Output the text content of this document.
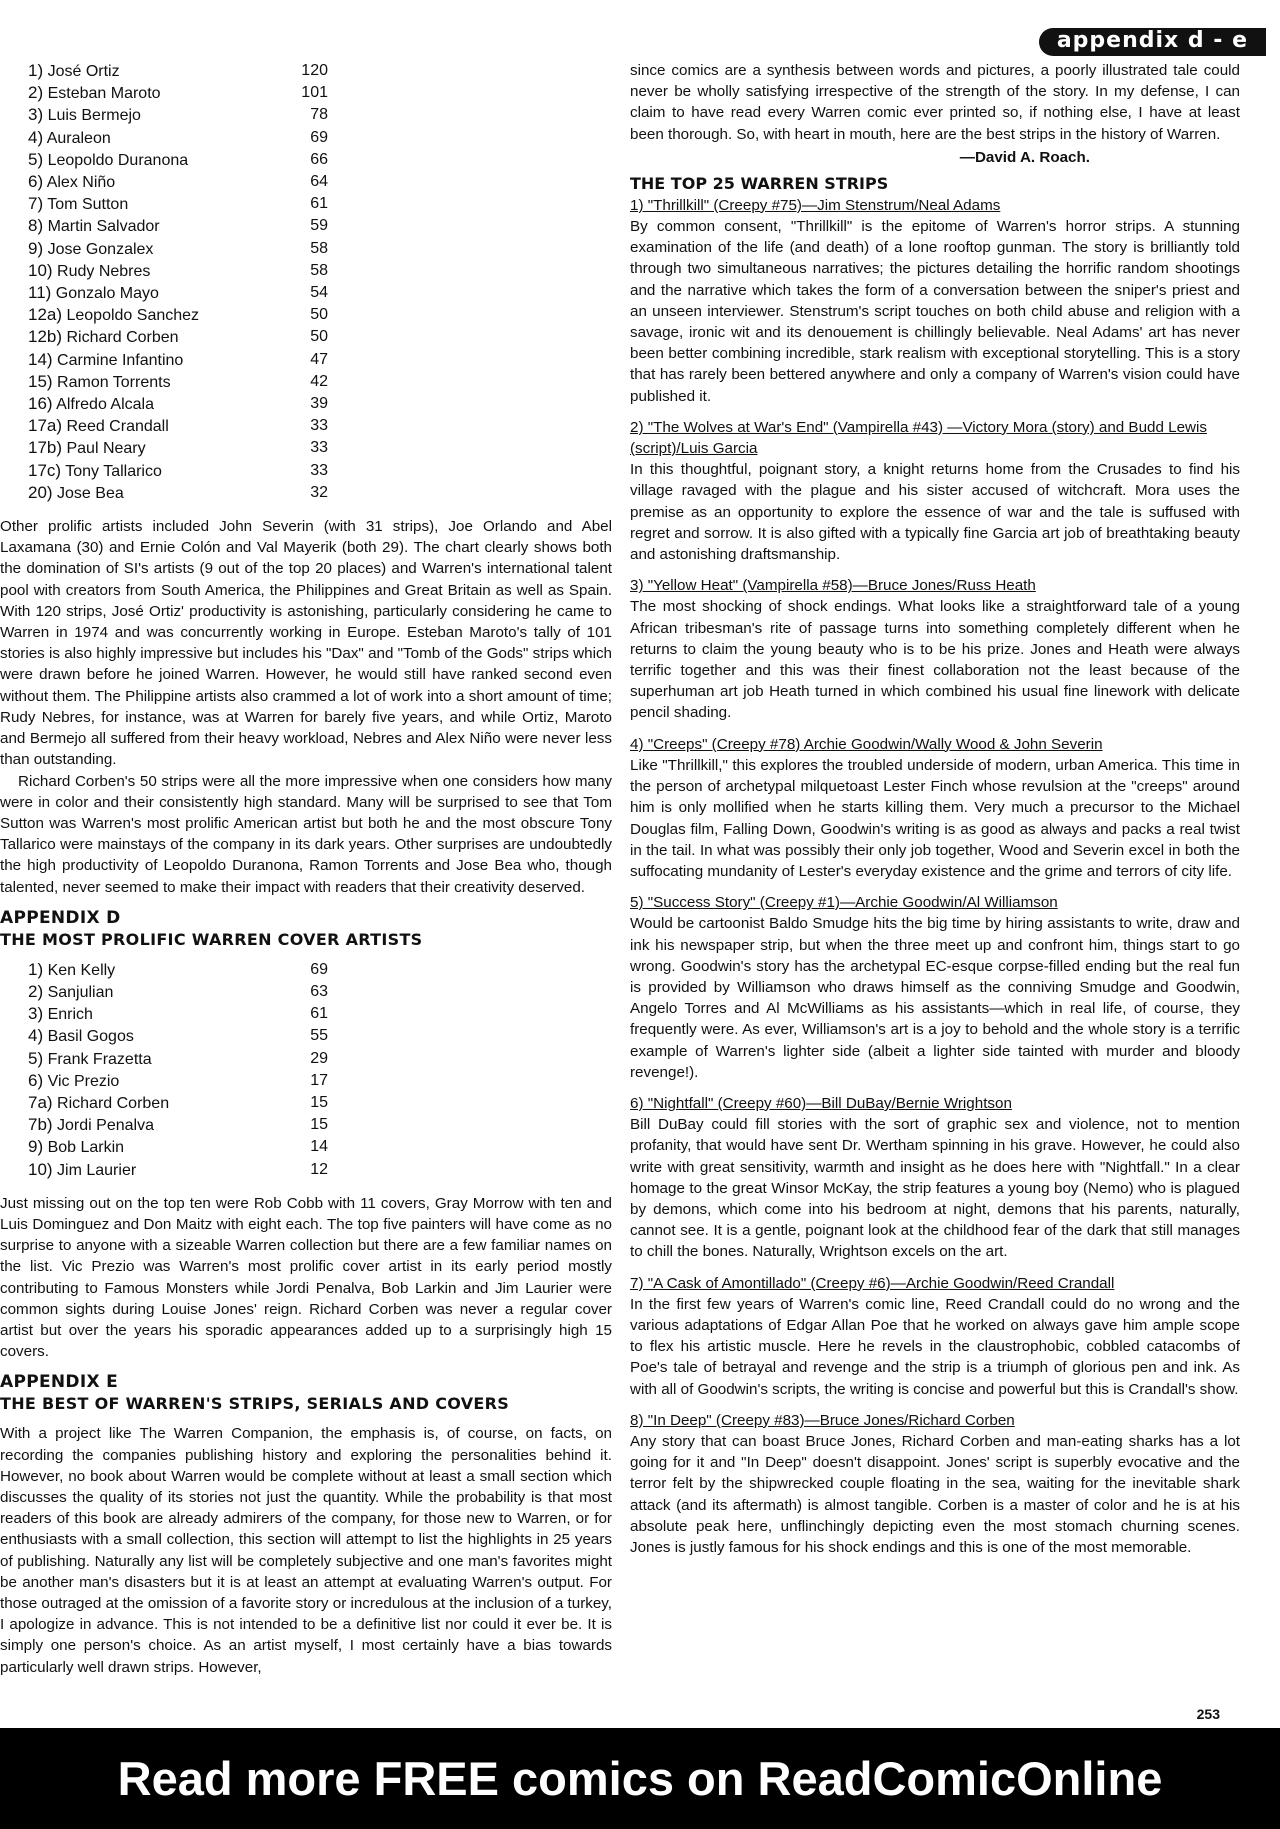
appendix d - e
1) José Ortiz	120
2) Esteban Maroto	101
3) Luis Bermejo	78
4) Auraleon	69
5) Leopoldo Duranona	66
6) Alex Niño	64
7) Tom Sutton	61
8) Martin Salvador	59
9) Jose Gonzalex	58
10) Rudy Nebres	58
11) Gonzalo Mayo	54
12a) Leopoldo Sanchez	50
12b) Richard Corben	50
14) Carmine Infantino	47
15) Ramon Torrents	42
16) Alfredo Alcala	39
17a) Reed Crandall	33
17b) Paul Neary	33
17c) Tony Tallarico	33
20) Jose Bea	32

Other prolific artists included John Severin (with 31 strips), Joe Orlando and Abel Laxamana (30) and Ernie Colón and Val Mayerik (both 29). The chart clearly shows both the domination of SI's artists (9 out of the top 20 places) and Warren's international talent pool with creators from South America, the Philippines and Great Britain as well as Spain. With 120 strips, José Ortiz' productivity is astonishing, particularly considering he came to Warren in 1974 and was concurrently working in Europe. Esteban Maroto's tally of 101 stories is also highly impressive but includes his "Dax" and "Tomb of the Gods" strips which were drawn before he joined Warren. However, he would still have ranked second even without them. The Philippine artists also crammed a lot of work into a short amount of time; Rudy Nebres, for instance, was at Warren for barely five years, and while Ortiz, Maroto and Bermejo all suffered from their heavy workload, Nebres and Alex Niño were never less than outstanding.

Richard Corben's 50 strips were all the more impressive when one considers how many were in color and their consistently high standard. Many will be surprised to see that Tom Sutton was Warren's most prolific American artist but both he and the most obscure Tony Tallarico were mainstays of the company in its dark years. Other surprises are undoubtedly the high productivity of Leopoldo Duranona, Ramon Torrents and Jose Bea who, though talented, never seemed to make their impact with readers that their creativity deserved.

APPENDIX D
THE MOST PROLIFIC WARREN COVER ARTISTS
1) Ken Kelly	69
2) Sanjulian	63
3) Enrich	61
4) Basil Gogos	55
5) Frank Frazetta	29
6) Vic Prezio	17
7a) Richard Corben	15
7b) Jordi Penalva	15
9) Bob Larkin	14
10) Jim Laurier	12

Just missing out on the top ten were Rob Cobb with 11 covers, Gray Morrow with ten and Luis Dominguez and Don Maitz with eight each. The top five painters will have come as no surprise to anyone with a sizeable Warren collection but there are a few familiar names on the list. Vic Prezio was Warren's most prolific cover artist in its early period mostly contributing to Famous Monsters while Jordi Penalva, Bob Larkin and Jim Laurier were common sights during Louise Jones' reign. Richard Corben was never a regular cover artist but over the years his sporadic appearances added up to a surprisingly high 15 covers.

APPENDIX E
THE BEST OF WARREN'S STRIPS, SERIALS AND COVERS

With a project like The Warren Companion, the emphasis is, of course, on facts, on recording the companies publishing history and exploring the personalities behind it. However, no book about Warren would be complete without at least a small section which discusses the quality of its stories not just the quantity. While the probability is that most readers of this book are already admirers of the company, for those new to Warren, or for enthusiasts with a small collection, this section will attempt to list the highlights in 25 years of publishing. Naturally any list will be completely subjective and one man's favorites might be another man's disasters but it is at least an attempt at evaluating Warren's output. For those outraged at the omission of a favorite story or incredulous at the inclusion of a turkey, I apologize in advance. This is not intended to be a definitive list nor could it ever be. It is simply one person's choice. As an artist myself, I most certainly have a bias towards particularly well drawn strips. However,

since comics are a synthesis between words and pictures, a poorly illustrated tale could never be wholly satisfying irrespective of the strength of the story. In my defense, I can claim to have read every Warren comic ever printed so, if nothing else, I have at least been thorough. So, with heart in mouth, here are the best strips in the history of Warren.

—David A. Roach.
THE TOP 25 WARREN STRIPS
1) "Thrillkill" (Creepy #75)—Jim Stenstrum/Neal Adams

By common consent, "Thrillkill" is the epitome of Warren's horror strips. A stunning examination of the life (and death) of a lone rooftop gunman. The story is brilliantly told through two simultaneous narratives; the pictures detailing the horrific random shootings and the narrative which takes the form of a conversation between the sniper's priest and an unseen interviewer. Stenstrum's script touches on both child abuse and religion with a savage, ironic wit and its denouement is chillingly believable. Neal Adams' art has never been better combining incredible, stark realism with exceptional storytelling. This is a story that has rarely been bettered anywhere and only a company of Warren's vision could have published it.

2) "The Wolves at War's End" (Vampirella #43) —Victory Mora (story) and Budd Lewis (script)/Luis Garcia

In this thoughtful, poignant story, a knight returns home from the Crusades to find his village ravaged with the plague and his sister accused of witchcraft. Mora uses the premise as an opportunity to explore the essence of war and the tale is suffused with regret and sorrow. It is also gifted with a typically fine Garcia art job of breathtaking beauty and astonishing draftsmanship.

3) "Yellow Heat" (Vampirella #58)—Bruce Jones/Russ Heath

The most shocking of shock endings. What looks like a straightforward tale of a young African tribesman's rite of passage turns into something completely different when he returns to claim the young beauty who is to be his prize. Jones and Heath were always terrific together and this was their finest collaboration not the least because of the superhuman art job Heath turned in which combined his usual fine linework with delicate pencil shading.

4) "Creeps" (Creepy #78) Archie Goodwin/Wally Wood & John Severin

Like "Thrillkill," this explores the troubled underside of modern, urban America. This time in the person of archetypal milquetoast Lester Finch whose revulsion at the "creeps" around him is only mollified when he starts killing them. Very much a precursor to the Michael Douglas film, Falling Down, Goodwin's writing is as good as always and packs a real twist in the tail. In what was possibly their only job together, Wood and Severin excel in both the suffocating mundanity of Lester's everyday existence and the grime and terrors of city life.

5) "Success Story" (Creepy #1)—Archie Goodwin/Al Williamson

Would be cartoonist Baldo Smudge hits the big time by hiring assistants to write, draw and ink his newspaper strip, but when the three meet up and confront him, things start to go wrong. Goodwin's story has the archetypal EC-esque corpse-filled ending but the real fun is provided by Williamson who draws himself as the conniving Smudge and Goodwin, Angelo Torres and Al McWilliams as his assistants—which in real life, of course, they frequently were. As ever, Williamson's art is a joy to behold and the whole story is a terrific example of Warren's lighter side (albeit a lighter side tainted with murder and bloody revenge!).

6) "Nightfall" (Creepy #60)—Bill DuBay/Bernie Wrightson

Bill DuBay could fill stories with the sort of graphic sex and violence, not to mention profanity, that would have sent Dr. Wertham spinning in his grave. However, he could also write with great sensitivity, warmth and insight as he does here with "Nightfall." In a clear homage to the great Winsor McKay, the strip features a young boy (Nemo) who is plagued by demons, which come into his bedroom at night, demons that his parents, naturally, cannot see. It is a gentle, poignant look at the childhood fear of the dark that still manages to chill the bones. Naturally, Wrightson excels on the art.

7) "A Cask of Amontillado" (Creepy #6)—Archie Goodwin/Reed Crandall

In the first few years of Warren's comic line, Reed Crandall could do no wrong and the various adaptations of Edgar Allan Poe that he worked on always gave him ample scope to flex his artistic muscle. Here he revels in the claustrophobic, cobbled catacombs of Poe's tale of betrayal and revenge and the strip is a triumph of glorious pen and ink. As with all of Goodwin's scripts, the writing is concise and powerful but this is Crandall's show.

8) "In Deep" (Creepy #83)—Bruce Jones/Richard Corben

Any story that can boast Bruce Jones, Richard Corben and man-eating sharks has a lot going for it and "In Deep" doesn't disappoint. Jones' script is superbly evocative and the terror felt by the shipwrecked couple floating in the sea, waiting for the inevitable shark attack (and its aftermath) is almost tangible. Corben is a master of color and he is at his absolute peak here, unflinchingly depicting even the most stomach churning scenes. Jones is justly famous for his shock endings and this is one of the most memorable.

253
Read more FREE comics on ReadComicOnline
